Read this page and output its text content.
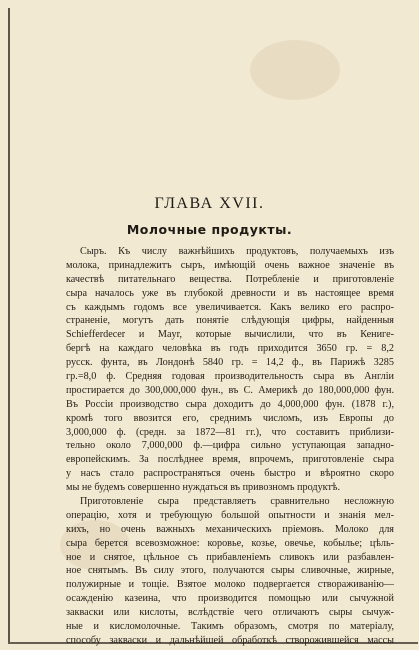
ГЛАВА XVII.
Молочные продукты.
Сыръ. Къ числу важнѣйшихъ продуктовъ, получаемыхъ изъ
молока, принадлежитъ сыръ, имѣющій очень важное значеніе въ
качествѣ питательнаго вещества. Потребленіе и приготовленіе
сыра началось уже въ глубокой древности и въ настоящее время
съ каждымъ годомъ все увеличивается. Какъ велико его распро-
страненіе, могутъ дать понятіе слѣдующія цифры, найденныя
Schiefferdecer и Mayr, которые вычислили, что въ Кениге-
бергѣ на каждаго человѣка въ годъ приходится 3650 гр. = 8,2
русск. фунта, въ Лондонѣ 5840 гр. = 14,2 ф., въ Парижѣ 3285
гр.=8,0 ф. Средняя годовая производительность сыра въ Англіи
простирается до 300,000,000 фун., въ С. Америкѣ до 180,000,000 фун.
Въ Россіи производство сыра доходитъ до 4,000,000 фун. (1878 г.),
кромѣ того ввозится его, среднимъ числомъ, изъ Европы до
3,000,000 ф. (средн. за 1872—81 гг.), что составитъ приблизи-
тельно около 7,000,000 ф.—цифра сильно уступающая западно-
европейскимъ. За послѣднее время, впрочемъ, приготовленіе сыра
у насъ стало распространяться очень быстро и вѣроятно скоро
мы не будемъ совершенно нуждаться въ привозномъ продуктѣ.
Приготовленіе сыра представляетъ сравнительно несложную
операцію, хотя и требующую большой опытности и знанія мел-
кихъ, но очень важныхъ механическихъ пріемовъ. Молоко для
сыра берется всевозможное: коровье, козье, овечье, кобылье; цѣль-
ное и снятое, цѣльное съ прибавленіемъ сливокъ или разбавлен-
ное снятымъ. Въ силу этого, получаются сыры сливочные, жирные,
полужирные и тощіе. Взятое молоко подвергается створаживанію—
осажденію казеина, что производится помощью или сычужной
закваски или кислоты, вслѣдствіе чего отличаютъ сыры сычуж-
ные и кисломолочные. Такимъ образомъ, смотря по матеріалу,
способу закваски и дальнѣйшей обработкѣ створожившейся массы
